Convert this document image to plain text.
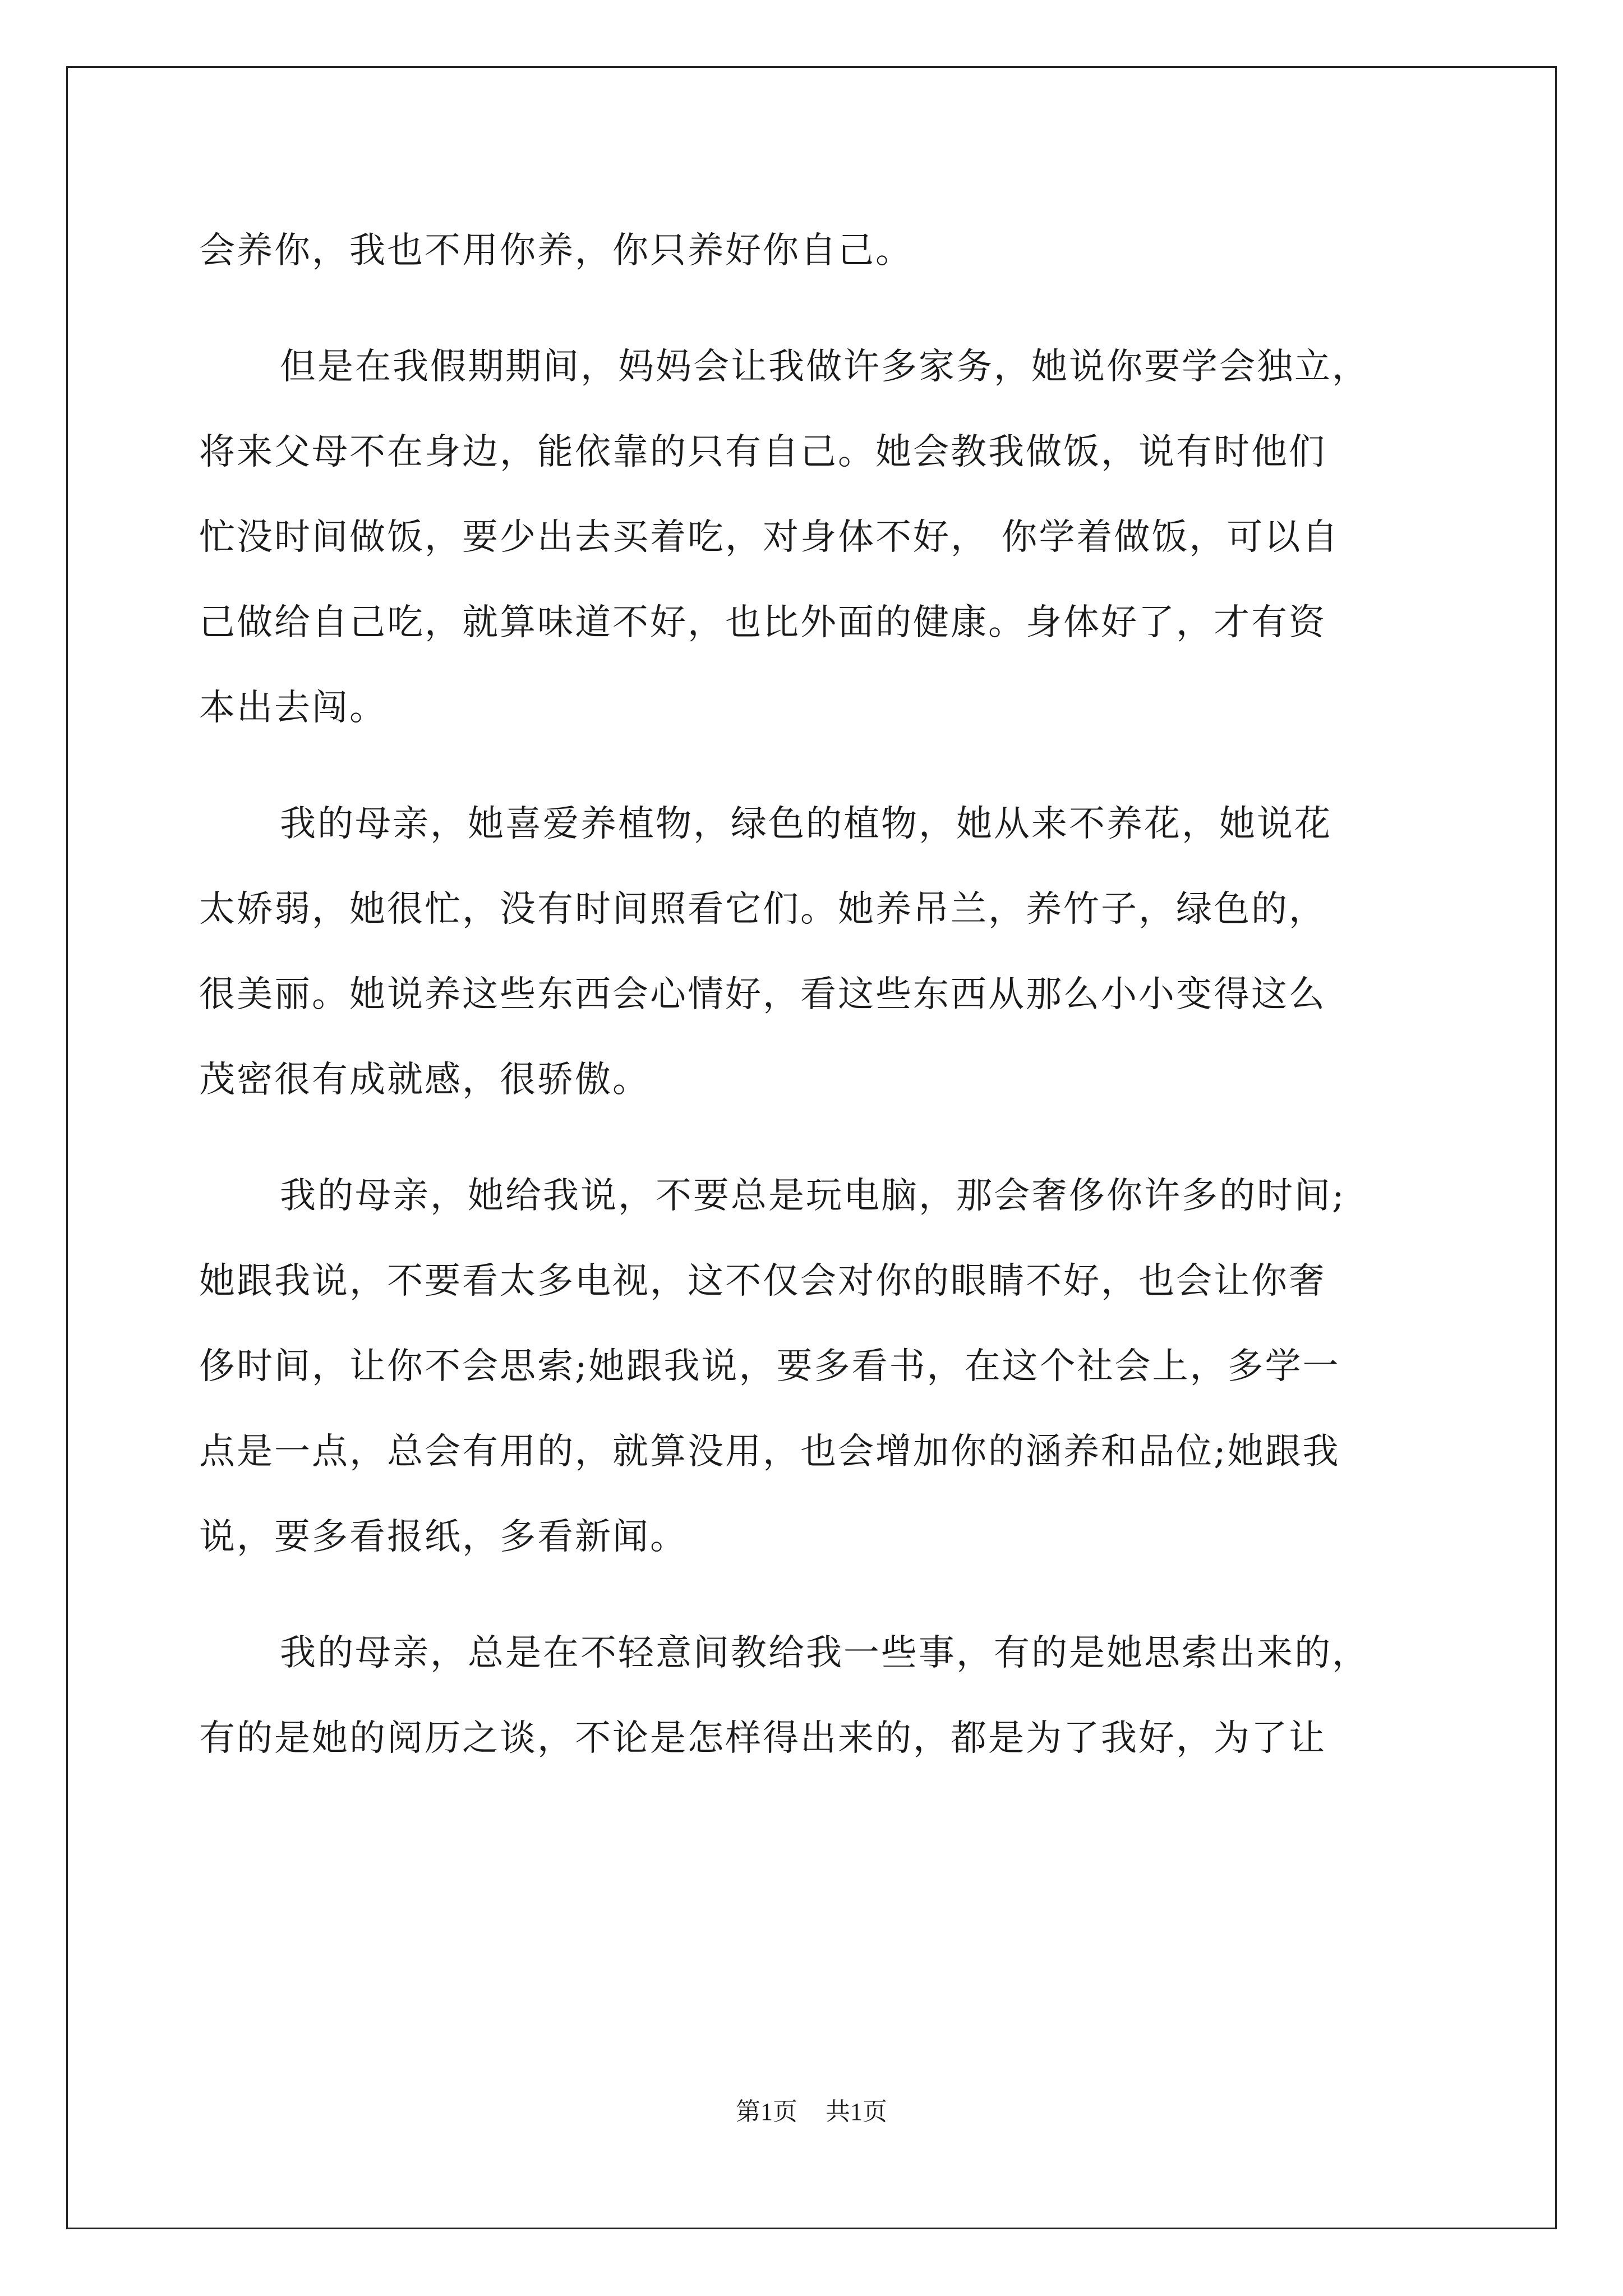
会养你，我也不用你养，你只养好你自己。
但是在我假期期间，妈妈会让我做许多家务，她说你要学会独立，
将来父母不在身边，能依靠的只有自己。她会教我做饭，说有时他们
忙没时间做饭，要少出去买着吃，对身体不好， 你学着做饭，可以自
己做给自己吃，就算味道不好，也比外面的健康。身体好了，才有资
本出去闯。
我的母亲，她喜爱养植物，绿色的植物，她从来不养花，她说花
太娇弱，她很忙，没有时间照看它们。她养吊兰，养竹子，绿色的，
很美丽。她说养这些东西会心情好，看这些东西从那么小小变得这么
茂密很有成就感，很骄傲。
我的母亲，她给我说，不要总是玩电脑，那会奢侈你许多的时间;
她跟我说，不要看太多电视，这不仅会对你的眼睛不好，也会让你奢
侈时间，让你不会思索;她跟我说，要多看书，在这个社会上，多学一
点是一点，总会有用的，就算没用，也会增加你的涵养和品位;她跟我
说，要多看报纸，多看新闻。
我的母亲，总是在不轻意间教给我一些事，有的是她思索出来的，
有的是她的阅历之谈，不论是怎样得出来的，都是为了我好，为了让
第1页 共1页
